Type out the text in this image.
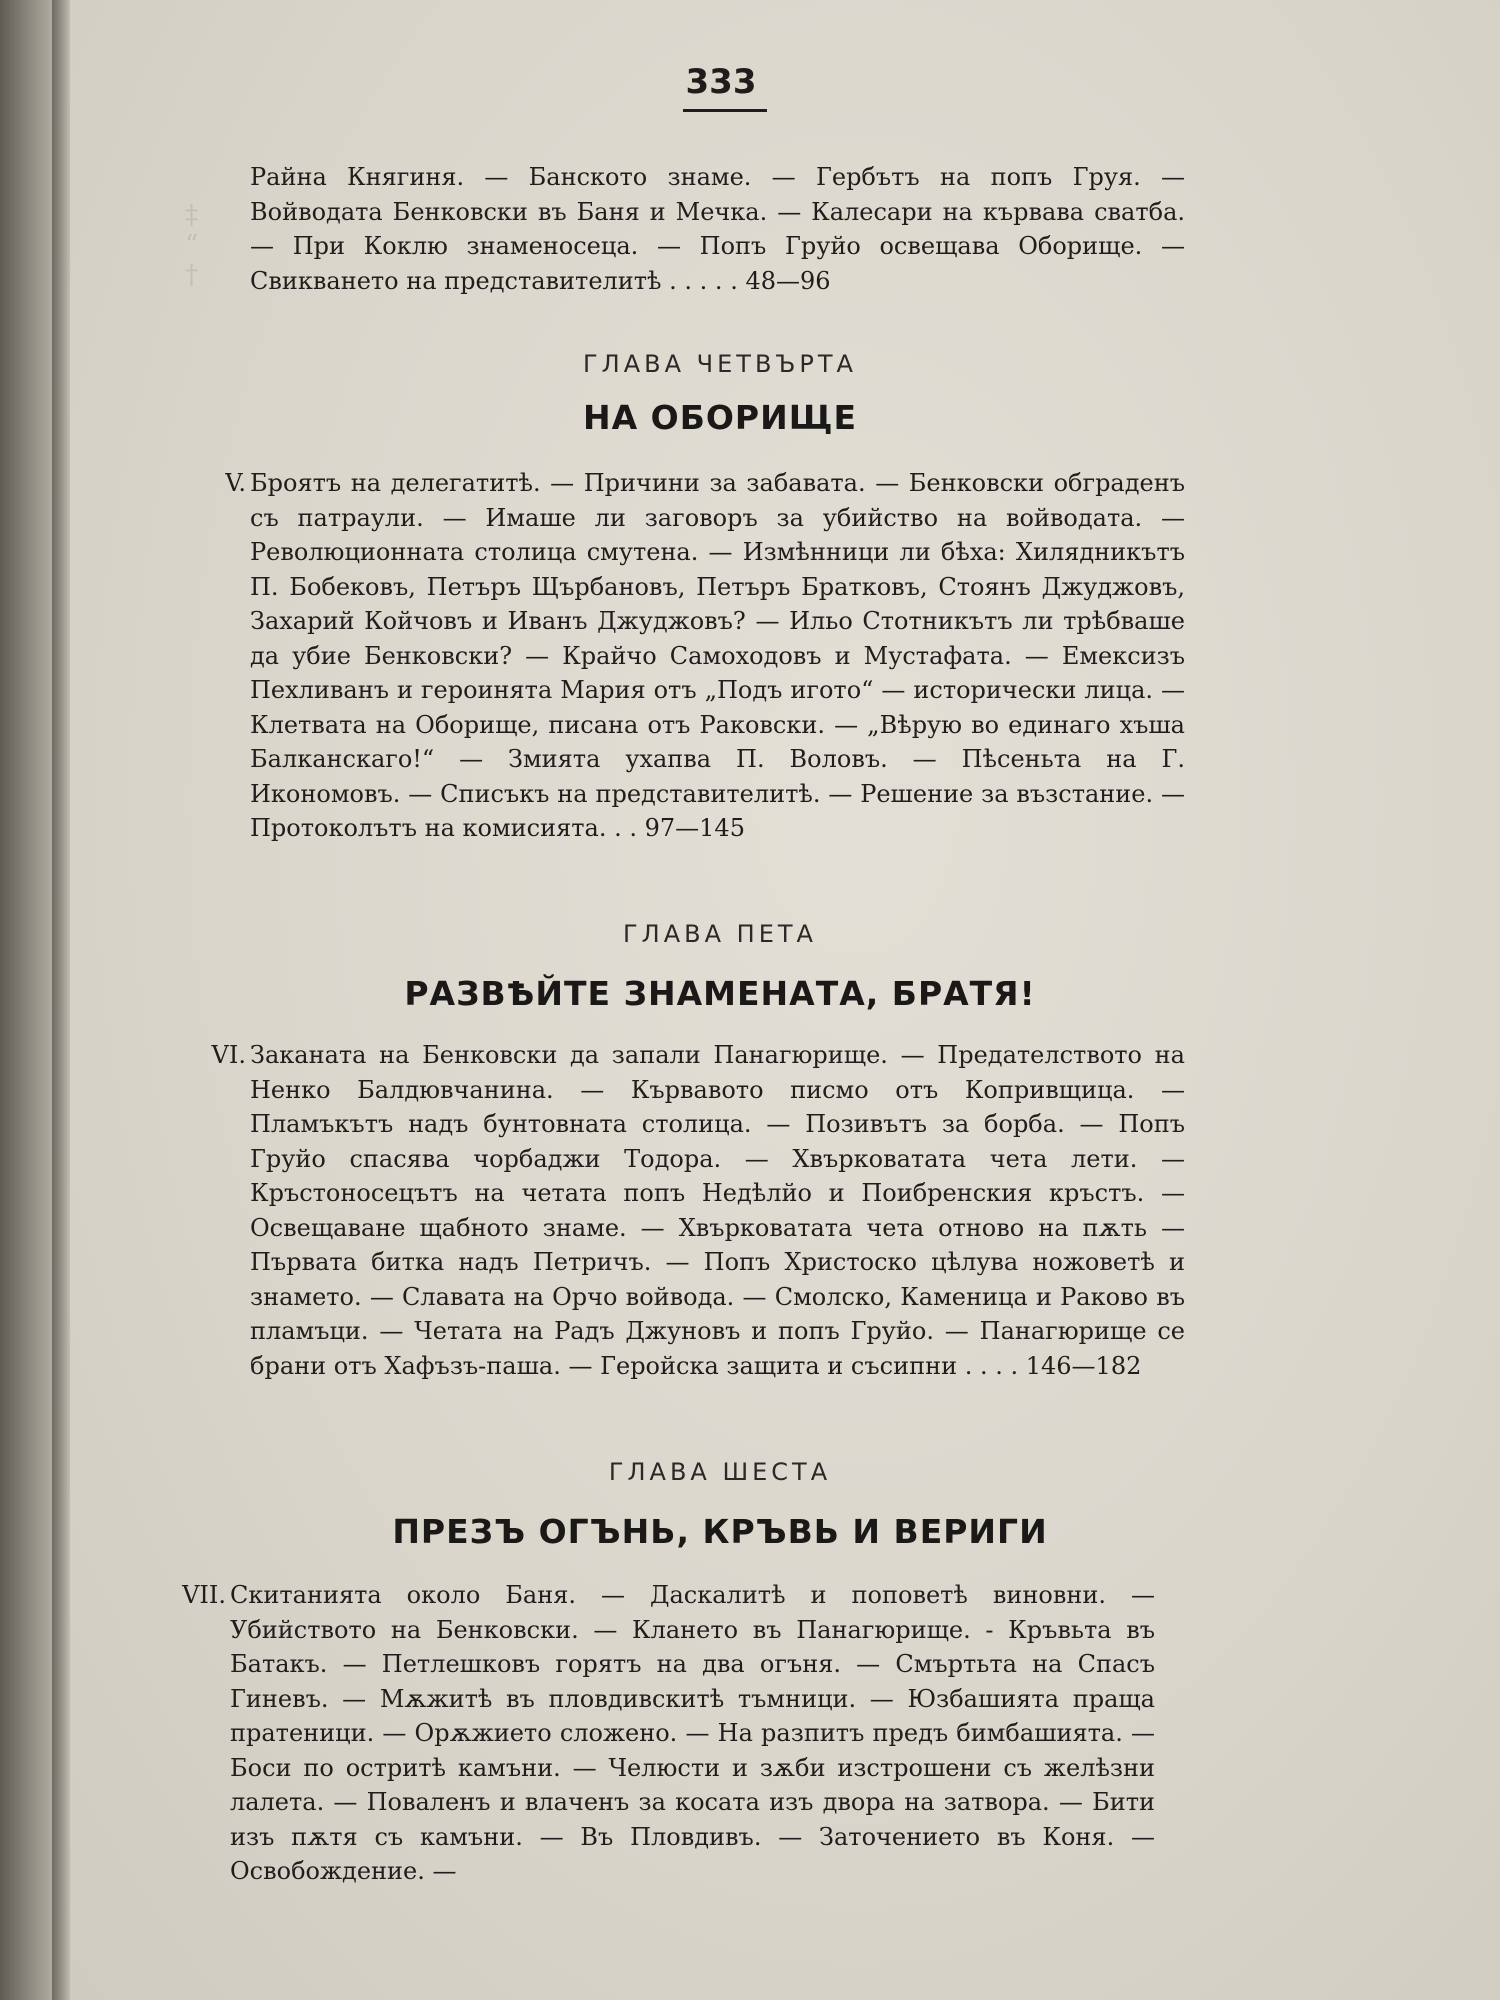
‡
“
†
333
Райна Княгиня. — Банското знаме. — Гербътъ на попъ Груя. — Войводата Бенковски въ Баня и Мечка. — Калесари на кървава сватба. — При Коклю знаменосеца. — Попъ Груйо освещава Оборище. — Свикването на представителитѣ . . . . . 48—96
ГЛАВА ЧЕТВЪРТА
НА ОБОРИЩЕ
V. Броятъ на делегатитѣ. — Причини за забавата. — Бенковски обграденъ съ патраули. — Имаше ли заговоръ за убийство на войводата. — Революционната столица смутена. — Измѣнници ли бѣха: Хилядникътъ П. Бобековъ, Петъръ Щърбановъ, Петъръ Братковъ, Стоянъ Джуджовъ, Захарий Койчовъ и Иванъ Джуджовъ? — Ильо Стотникътъ ли трѣбваше да убие Бенковски? — Крайчо Самоходовъ и Мустафата. — Емексизъ Пехливанъ и героинята Мария отъ „Подъ игото“ — исторически лица. — Клетвата на Оборище, писана отъ Раковски. — „Вѣрую во единаго хъша Балканскаго!“ — Змията ухапва П. Воловъ. — Пѣсеньта на Г. Икономовъ. — Списъкъ на представителитѣ. — Решение за възстание. — Протоколътъ на комисията. . . 97—145
ГЛАВА ПЕТА
РАЗВѢЙТЕ ЗНАМЕНАТА, БРАТЯ!
VI. Заканата на Бенковски да запали Панагюрище. — Предателството на Ненко Балдювчанина. — Кървавото писмо отъ Копривщица. — Пламъкътъ надъ бунтовната столица. — Позивътъ за борба. — Попъ Груйо спасява чорбаджи Тодора. — Хвърковатата чета лети. — Кръстоносецътъ на четата попъ Недѣлйо и Поибренския кръстъ. — Освещаване щабното знаме. — Хвърковатата чета отново на пѫть — Първата битка надъ Петричъ. — Попъ Христоско цѣлува ножоветѣ и знамето. — Славата на Орчо войвода. — Смолско, Каменица и Раково въ пламъци. — Четата на Радъ Джуновъ и попъ Груйо. — Панагюрище се брани отъ Хафъзъ-паша. — Геройска защита и съсипни . . . . 146—182
ГЛАВА ШЕСТА
ПРЕЗЪ ОГЪНЬ, КРЪВЬ И ВЕРИГИ
VII. Скитанията около Баня. — Даскалитѣ и поповетѣ виновни. — Убийството на Бенковски. — Клането въ Панагюрище. - Кръвьта въ Батакъ. — Петлешковъ горятъ на два огъня. — Смъртьта на Спасъ Гиневъ. — Мѫжитѣ въ пловдивскитѣ тъмници. — Юзбашията праща пратеници. — Орѫжието сложено. — На разпитъ предъ бимбашията. — Боси по остритѣ камъни. — Челюсти и зѫби изстрошени съ желѣзни лалета. — Поваленъ и влаченъ за косата изъ двора на затвора. — Бити изъ пѫтя съ камъни. — Въ Пловдивъ. — Заточението въ Коня. — Освобождение. —
